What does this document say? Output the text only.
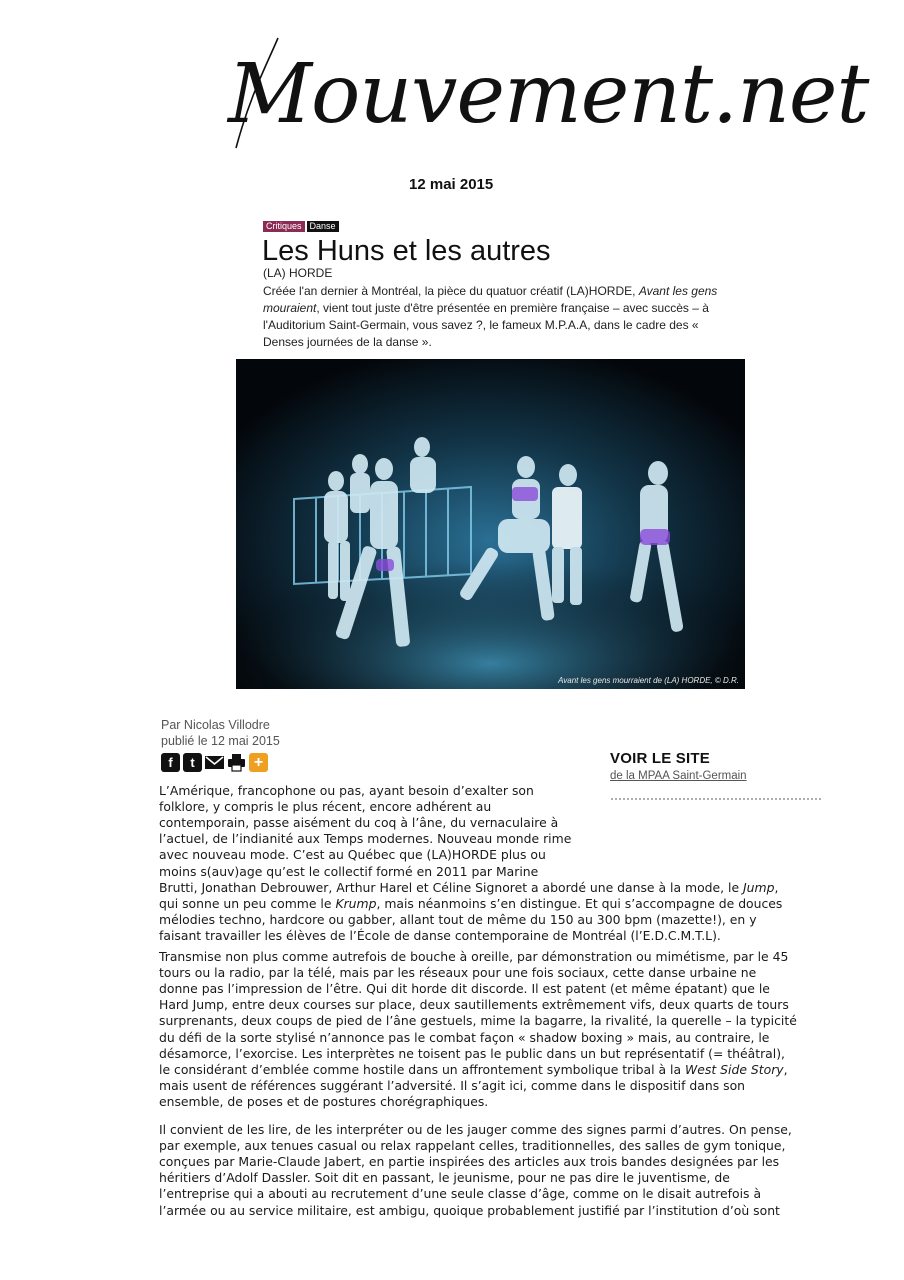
Mouvement.net
12 mai 2015
Critiques Danse
Les Huns et les autres
(LA) HORDE
Créée l'an dernier à Montréal, la pièce du quatuor créatif (LA)HORDE, Avant les gens mouraient, vient tout juste d'être présentée en première française – avec succès – à l'Auditorium Saint-Germain, vous savez ?, le fameux M.P.A.A, dans le cadre des « Denses journées de la danse ».
Avant les gens mourraient de (LA) HORDE, © D.R.
Par Nicolas Villodre
publié le 12 mai 2015
f t	+	VOIR LE SITE
de la MPAA Saint-Germain
L’Amérique, francophone ou pas, ayant besoin d’exalter son
folklore, y compris le plus récent, encore adhérent au
contemporain, passe aisément du coq à l’âne, du vernaculaire à
l’actuel, de l’indianité aux Temps modernes. Nouveau monde rime
avec nouveau mode. C’est au Québec que (LA)HORDE plus ou
moins s(auv)age qu’est le collectif formé en 2011 par Marine
Brutti, Jonathan Debrouwer, Arthur Harel et Céline Signoret a abordé une danse à la mode, le Jump,
qui sonne un peu comme le Krump, mais néanmoins s’en distingue. Et qui s’accompagne de douces
mélodies techno, hardcore ou gabber, allant tout de même du 150 au 300 bpm (mazette!), en y
faisant travailler les élèves de l’École de danse contemporaine de Montréal (l’E.D.C.M.T.L).
Transmise non plus comme autrefois de bouche à oreille, par démonstration ou mimétisme, par le 45
tours ou la radio, par la télé, mais par les réseaux pour une fois sociaux, cette danse urbaine ne
donne pas l’impression de l’être. Qui dit horde dit discorde. Il est patent (et même épatant) que le
Hard Jump, entre deux courses sur place, deux sautillements extrêmement vifs, deux quarts de tours
surprenants, deux coups de pied de l’âne gestuels, mime la bagarre, la rivalité, la querelle – la typicité
du défi de la sorte stylisé n’annonce pas le combat façon « shadow boxing » mais, au contraire, le
désamorce, l’exorcise. Les interprètes ne toisent pas le public dans un but représentatif (= théâtral),
le considérant d’emblée comme hostile dans un affrontement symbolique tribal à la West Side Story,
mais usent de références suggérant l’adversité. Il s’agit ici, comme dans le dispositif dans son
ensemble, de poses et de postures chorégraphiques.
Il convient de les lire, de les interpréter ou de les jauger comme des signes parmi d’autres. On pense,
par exemple, aux tenues casual ou relax rappelant celles, traditionnelles, des salles de gym tonique,
conçues par Marie-Claude Jabert, en partie inspirées des articles aux trois bandes designées par les
héritiers d’Adolf Dassler. Soit dit en passant, le jeunisme, pour ne pas dire le juventisme, de
l’entreprise qui a abouti au recrutement d’une seule classe d’âge, comme on le disait autrefois à
l’armée ou au service militaire, est ambigu, quoique probablement justifié par l’institution d’où sont
